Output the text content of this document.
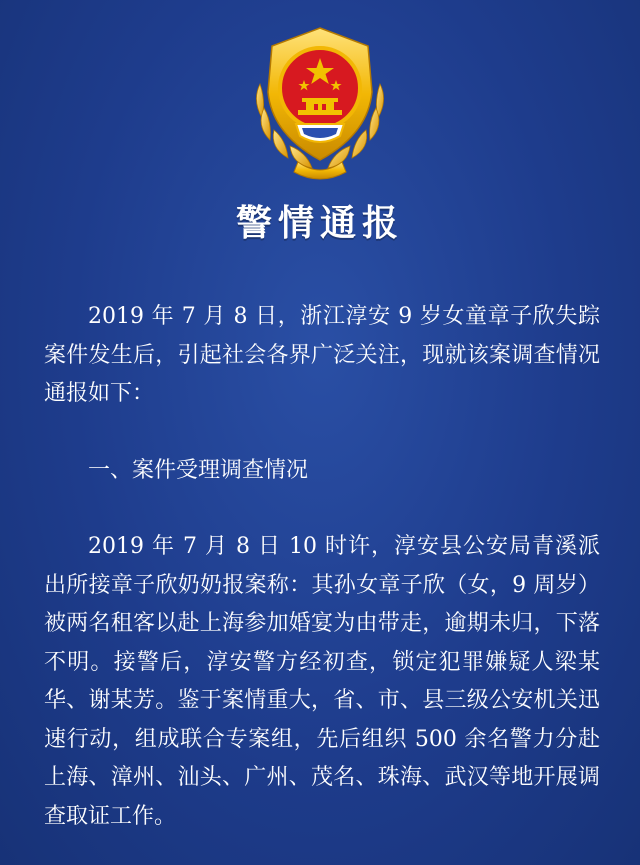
警情通报

2019 年 7 月 8 日，浙江淳安 9 岁女童章子欣失踪案件发生后，引起社会各界广泛关注，现就该案调查情况通报如下：

一、案件受理调查情况

2019 年 7 月 8 日 10 时许，淳安县公安局青溪派出所接章子欣奶奶报案称：其孙女章子欣（女，9 周岁）被两名租客以赴上海参加婚宴为由带走，逾期未归，下落不明。接警后，淳安警方经初查，锁定犯罪嫌疑人梁某华、谢某芳。鉴于案情重大，省、市、县三级公安机关迅速行动，组成联合专案组，先后组织 500 余名警力分赴上海、漳州、汕头、广州、茂名、珠海、武汉等地开展调查取证工作。
